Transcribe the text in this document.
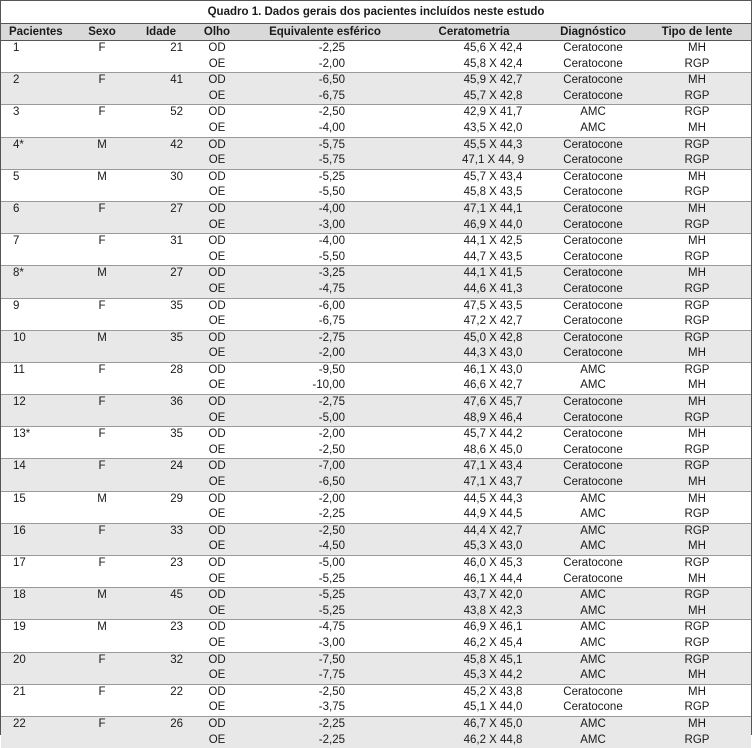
Quadro 1. Dados gerais dos pacientes incluídos neste estudo
Pacientes	Sexo	Idade	Olho	Equivalente esférico	Ceratometria	Diagnóstico	Tipo de lente
1	F	21	OD	-2,25	45,6 X 42,4	Ceratocone	MH
			OE	-2,00	45,8 X 42,4	Ceratocone	RGP
2	F	41	OD	-6,50	45,9 X 42,7	Ceratocone	MH
			OE	-6,75	45,7 X 42,8	Ceratocone	RGP
3	F	52	OD	-2,50	42,9 X 41,7	AMC	RGP
			OE	-4,00	43,5 X 42,0	AMC	MH
4*	M	42	OD	-5,75	45,5 X 44,3	Ceratocone	RGP
			OE	-5,75	47,1 X 44, 9	Ceratocone	RGP
5	M	30	OD	-5,25	45,7 X 43,4	Ceratocone	MH
			OE	-5,50	45,8 X 43,5	Ceratocone	RGP
6	F	27	OD	-4,00	47,1 X 44,1	Ceratocone	MH
			OE	-3,00	46,9 X 44,0	Ceratocone	RGP
7	F	31	OD	-4,00	44,1 X 42,5	Ceratocone	MH
			OE	-5,50	44,7 X 43,5	Ceratocone	RGP
8*	M	27	OD	-3,25	44,1 X 41,5	Ceratocone	MH
			OE	-4,75	44,6 X 41,3	Ceratocone	RGP
9	F	35	OD	-6,00	47,5 X 43,5	Ceratocone	RGP
			OE	-6,75	47,2 X 42,7	Ceratocone	RGP
10	M	35	OD	-2,75	45,0 X 42,8	Ceratocone	RGP
			OE	-2,00	44,3 X 43,0	Ceratocone	MH
11	F	28	OD	-9,50	46,1 X 43,0	AMC	RGP
			OE	-10,00	46,6 X 42,7	AMC	MH
12	F	36	OD	-2,75	47,6 X 45,7	Ceratocone	MH
			OE	-5,00	48,9 X 46,4	Ceratocone	RGP
13*	F	35	OD	-2,00	45,7 X 44,2	Ceratocone	MH
			OE	-2,50	48,6 X 45,0	Ceratocone	RGP
14	F	24	OD	-7,00	47,1 X 43,4	Ceratocone	RGP
			OE	-6,50	47,1 X 43,7	Ceratocone	MH
15	M	29	OD	-2,00	44,5 X 44,3	AMC	MH
			OE	-2,25	44,9 X 44,5	AMC	RGP
16	F	33	OD	-2,50	44,4 X 42,7	AMC	RGP
			OE	-4,50	45,3 X 43,0	AMC	MH
17	F	23	OD	-5,00	46,0 X 45,3	Ceratocone	RGP
			OE	-5,25	46,1 X 44,4	Ceratocone	MH
18	M	45	OD	-5,25	43,7 X 42,0	AMC	RGP
			OE	-5,25	43,8 X 42,3	AMC	MH
19	M	23	OD	-4,75	46,9 X 46,1	AMC	RGP
			OE	-3,00	46,2 X 45,4	AMC	RGP
20	F	32	OD	-7,50	45,8 X 45,1	AMC	RGP
			OE	-7,75	45,3 X 44,2	AMC	MH
21	F	22	OD	-2,50	45,2 X 43,8	Ceratocone	MH
			OE	-3,75	45,1 X 44,0	Ceratocone	RGP
22	F	26	OD	-2,25	46,7 X 45,0	AMC	MH
			OE	-2,25	46,2 X 44,8	AMC	RGP
